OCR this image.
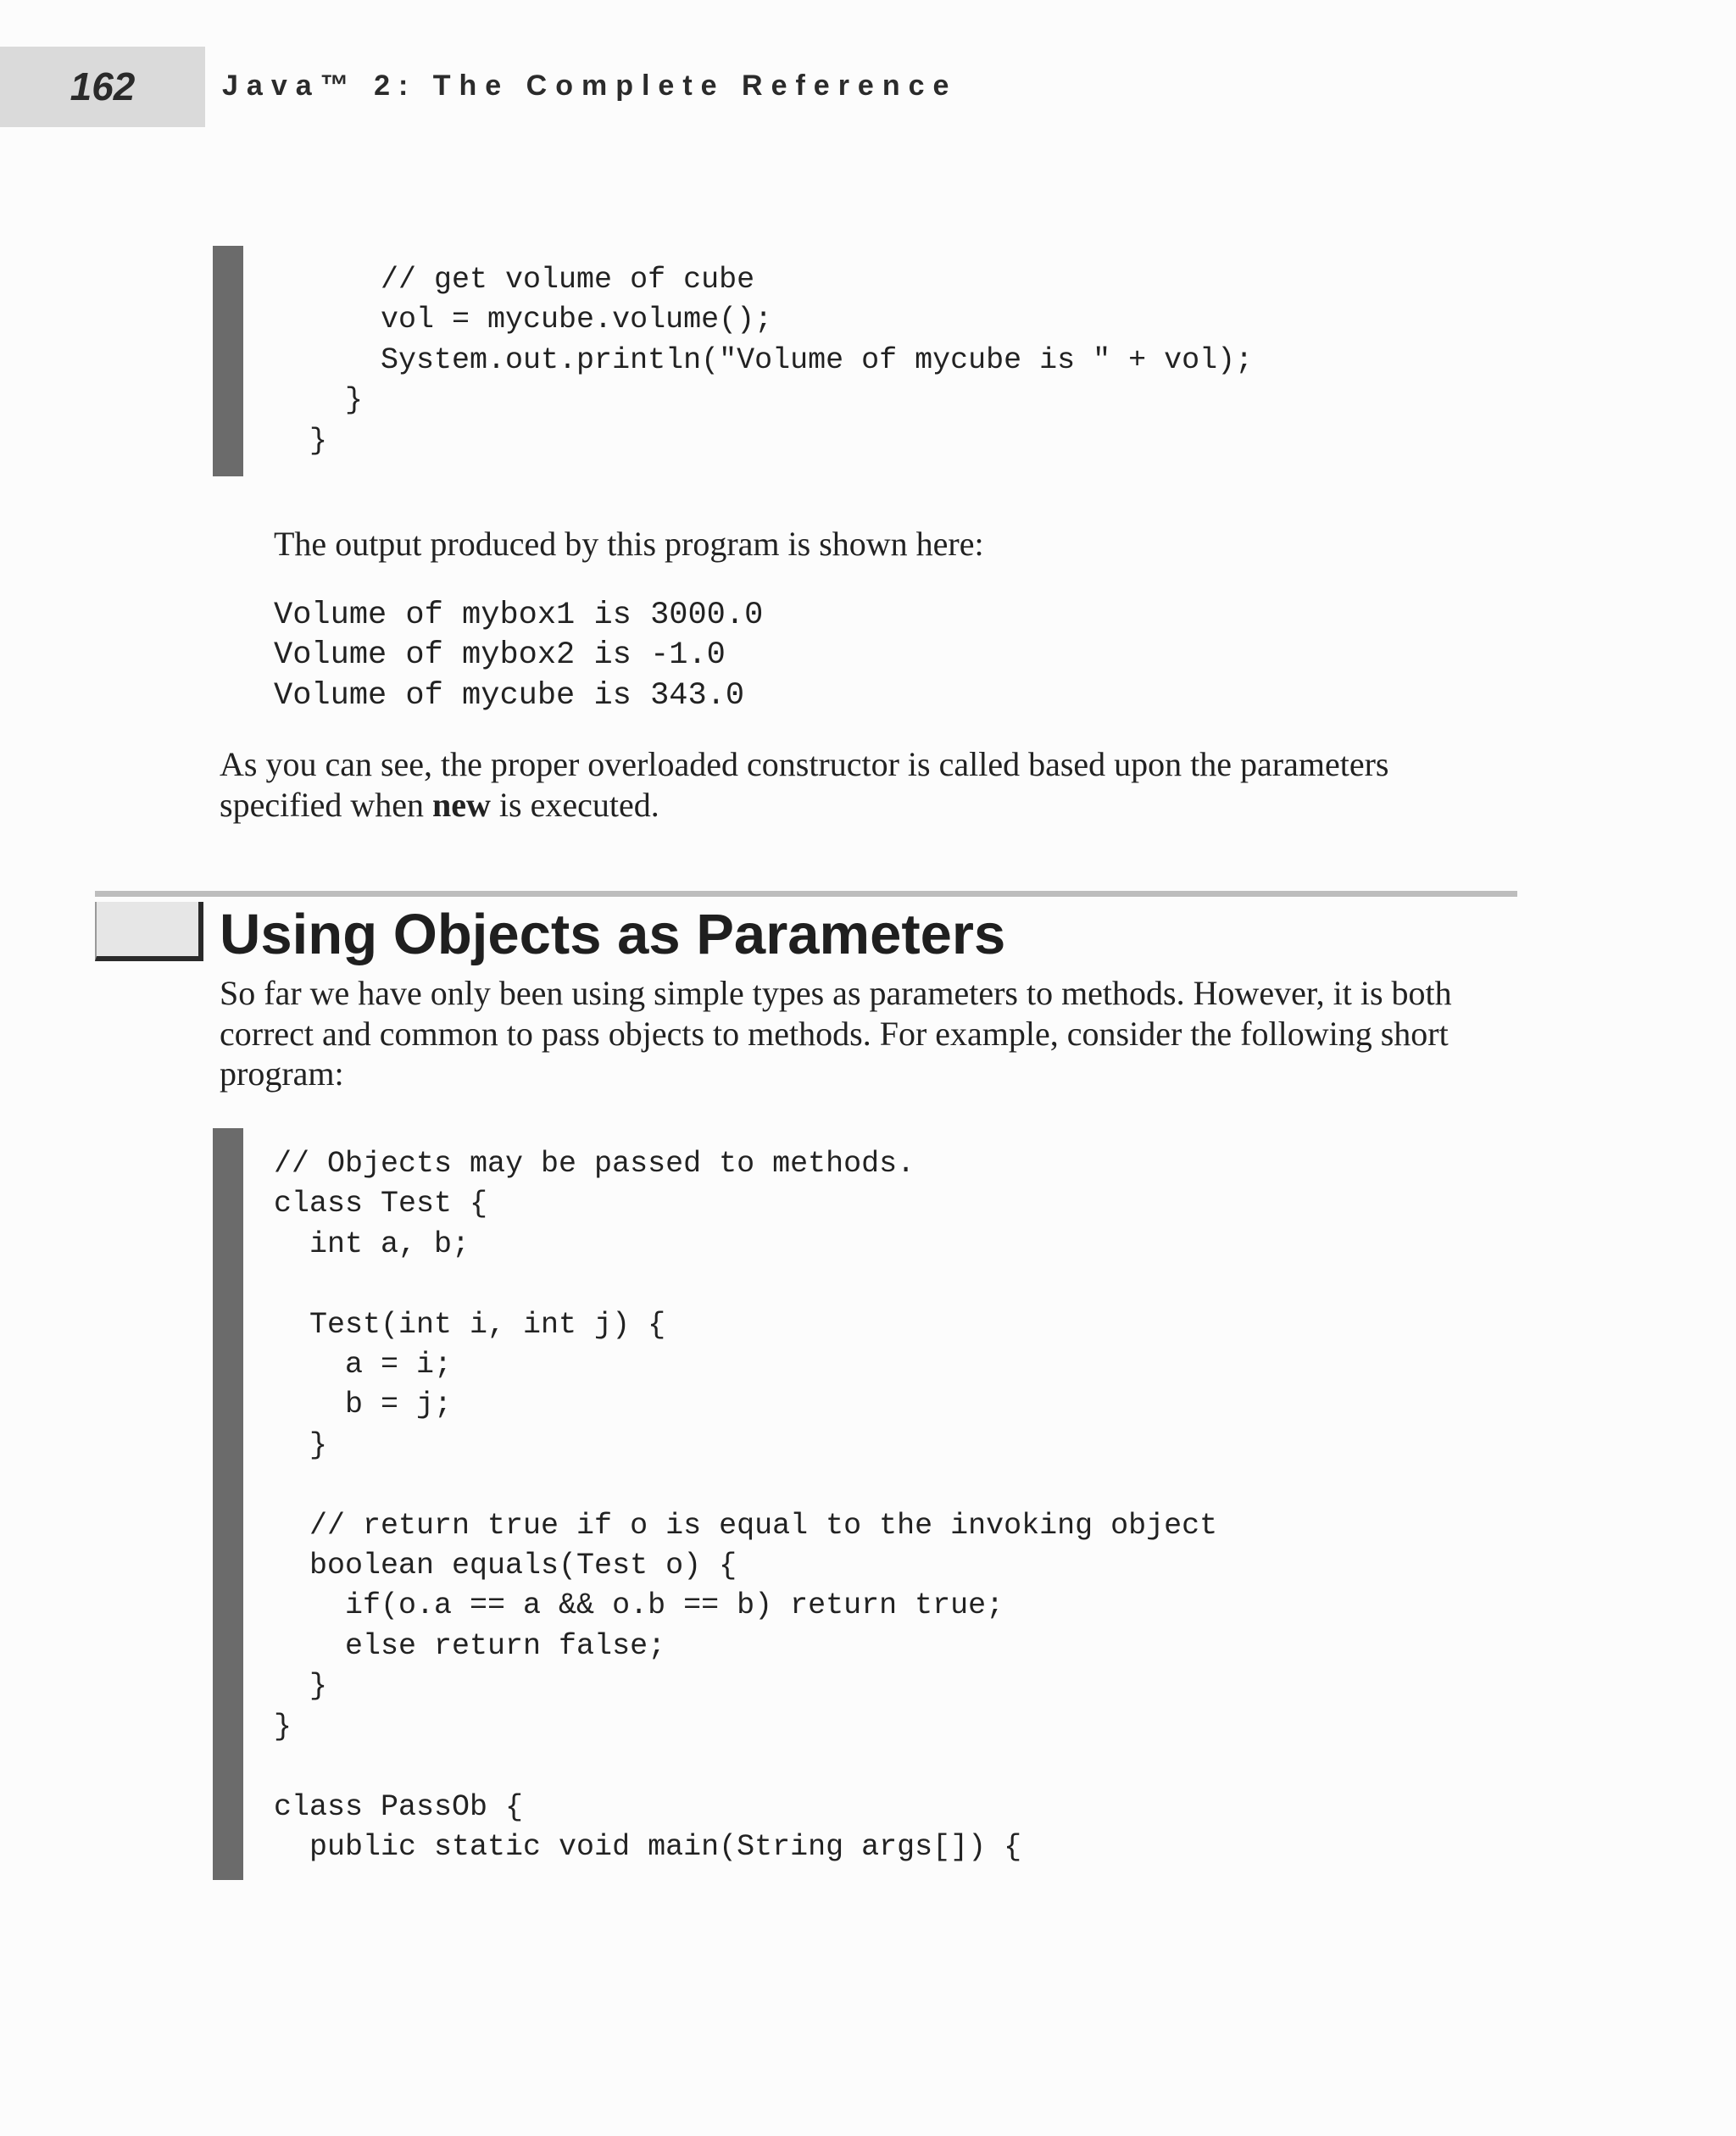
162	Java™ 2: The Complete Reference
// get volume of cube
vol = mycube.volume();
System.out.println("Volume of mycube is " + vol);
}
}

The output produced by this program is shown here:

Volume of mybox1 is 3000.0
Volume of mybox2 is -1.0
Volume of mycube is 343.0

As you can see, the proper overloaded constructor is called based upon the parameters specified when new is executed.

Using Objects as Parameters

So far we have only been using simple types as parameters to methods. However, it is both correct and common to pass objects to methods. For example, consider the following short program:

// Objects may be passed to methods.
class Test {
int a, b;

Test(int i, int j) {
a = i;
b = j;
}

// return true if o is equal to the invoking object
boolean equals(Test o) {
if(o.a == a && o.b == b) return true;
else return false;
}
}

class PassOb {
public static void main(String args[]) {
